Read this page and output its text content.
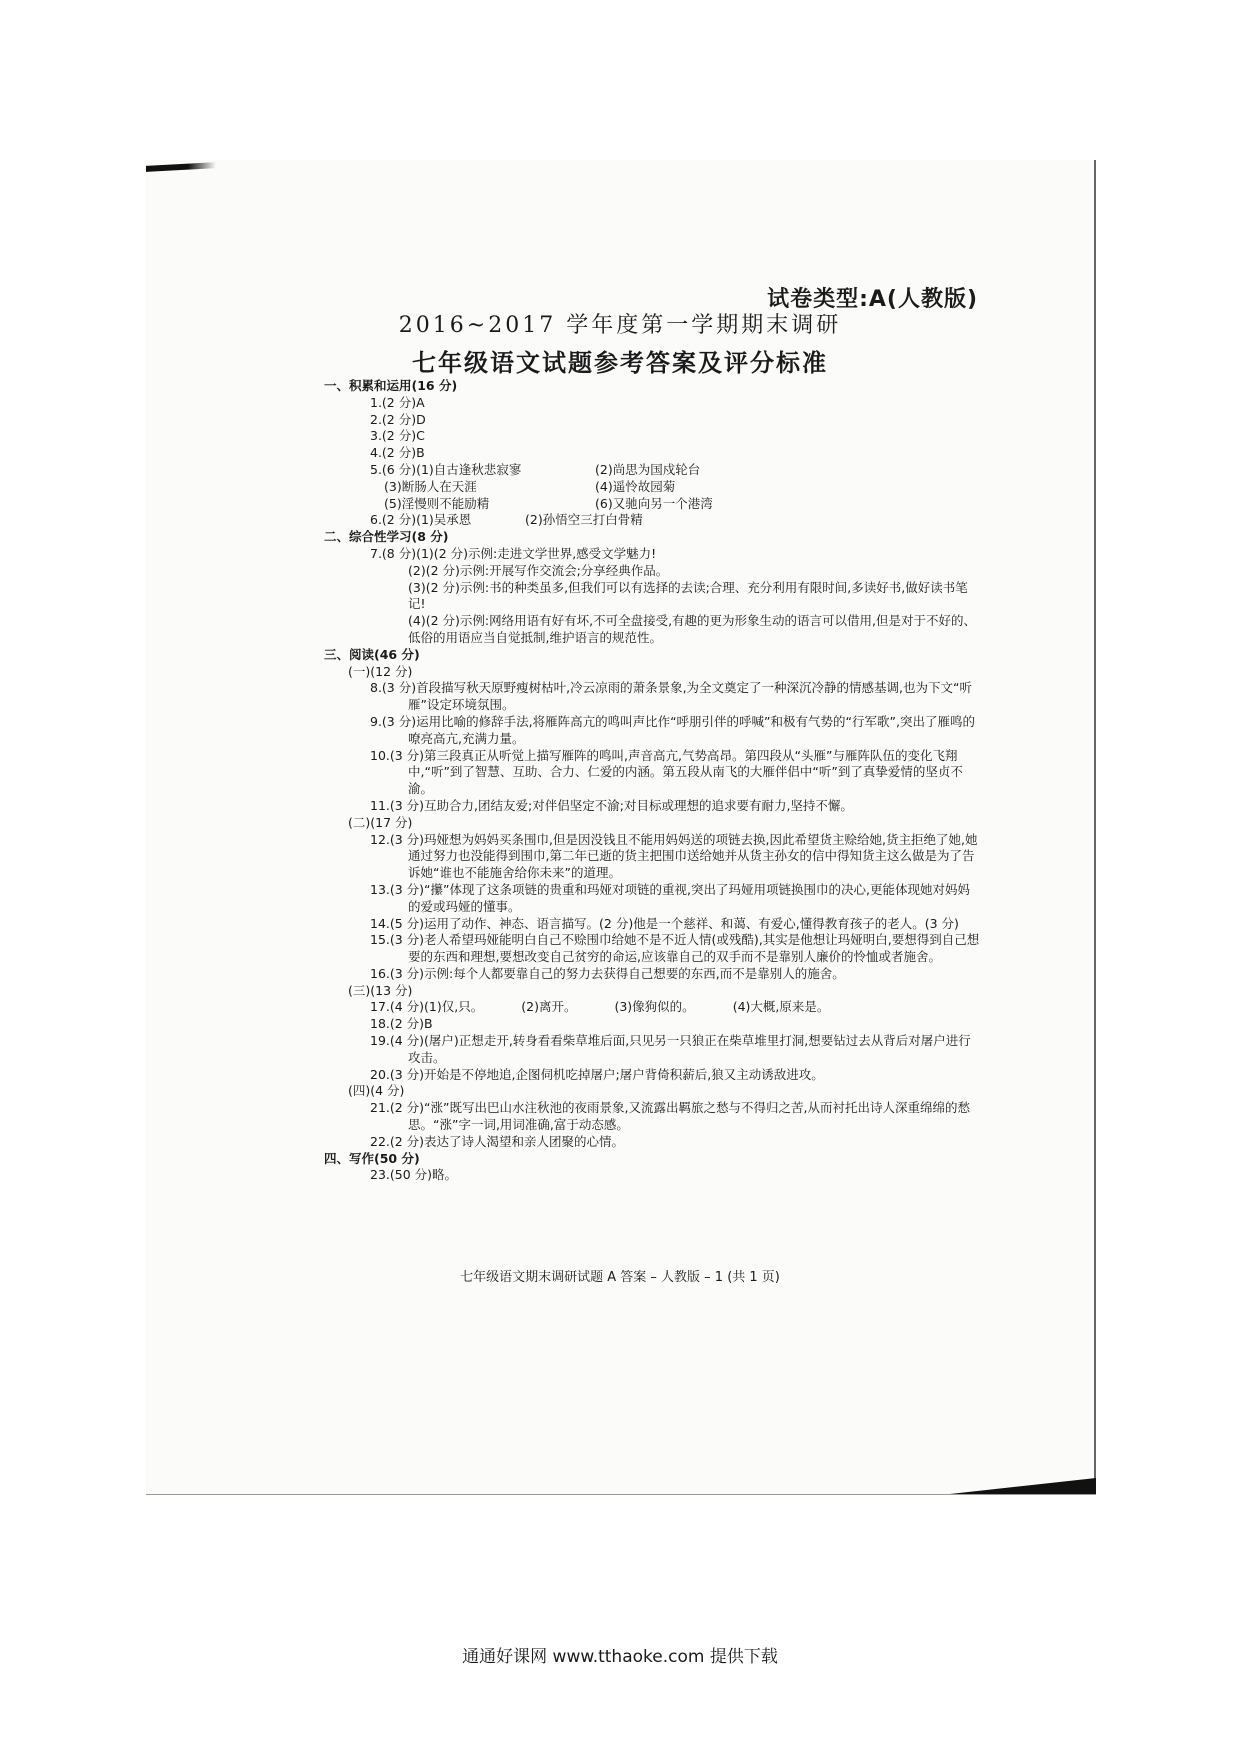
试卷类型:A(人教版)
2016~2017 学年度第一学期期末调研
七年级语文试题参考答案及评分标准
一、积累和运用(16 分)
1.(2 分)A
2.(2 分)D
3.(2 分)C
4.(2 分)B
5.(6 分)(1)自古逢秋悲寂寥	(2)尚思为国戍轮台
(3)断肠人在天涯	(4)遥怜故园菊
(5)淫慢则不能励精	(6)又驰向另一个港湾
6.(2 分)(1)吴承恩	(2)孙悟空三打白骨精
二、综合性学习(8 分)
7.(8 分)(1)(2 分)示例:走进文学世界,感受文学魅力!
(2)(2 分)示例:开展写作交流会;分享经典作品。
(3)(2 分)示例:书的种类虽多,但我们可以有选择的去读;合理、充分利用有限时间,多读好书,做好读书笔记!
(4)(2 分)示例:网络用语有好有坏,不可全盘接受,有趣的更为形象生动的语言可以借用,但是对于不好的、低俗的用语应当自觉抵制,维护语言的规范性。
三、阅读(46 分)
(一)(12 分)
8.(3 分)首段描写秋天原野瘦树枯叶,冷云凉雨的萧条景象,为全文奠定了一种深沉冷静的情感基调,也为下文“听雁”设定环境氛围。
9.(3 分)运用比喻的修辞手法,将雁阵高亢的鸣叫声比作“呼朋引伴的呼喊”和极有气势的“行军歌”,突出了雁鸣的嘹亮高亢,充满力量。
10.(3 分)第三段真正从听觉上描写雁阵的鸣叫,声音高亢,气势高昂。第四段从“头雁”与雁阵队伍的变化飞翔中,“听”到了智慧、互助、合力、仁爱的内涵。第五段从南飞的大雁伴侣中“听”到了真挚爱情的坚贞不渝。
11.(3 分)互助合力,团结友爱;对伴侣坚定不渝;对目标或理想的追求要有耐力,坚持不懈。
(二)(17 分)
12.(3 分)玛娅想为妈妈买条围巾,但是因没钱且不能用妈妈送的项链去换,因此希望货主赊给她,货主拒绝了她,她通过努力也没能得到围巾,第二年已逝的货主把围巾送给她并从货主孙女的信中得知货主这么做是为了告诉她“谁也不能施舍给你未来”的道理。
13.(3 分)“攥”体现了这条项链的贵重和玛娅对项链的重视,突出了玛娅用项链换围巾的决心,更能体现她对妈妈的爱或玛娅的懂事。
14.(5 分)运用了动作、神态、语言描写。(2 分)他是一个慈祥、和蔼、有爱心,懂得教育孩子的老人。(3 分)
15.(3 分)老人希望玛娅能明白自己不赊围巾给她不是不近人情(或残酷),其实是他想让玛娅明白,要想得到自己想要的东西和理想,要想改变自己贫穷的命运,应该靠自己的双手而不是靠别人廉价的怜恤或者施舍。
16.(3 分)示例:每个人都要靠自己的努力去获得自己想要的东西,而不是靠别人的施舍。
(三)(13 分)
17.(4 分)(1)仅,只。	(2)离开。	(3)像狗似的。	(4)大概,原来是。
18.(2 分)B
19.(4 分)(屠户)正想走开,转身看看柴草堆后面,只见另一只狼正在柴草堆里打洞,想要钻过去从背后对屠户进行攻击。
20.(3 分)开始是不停地追,企图伺机吃掉屠户;屠户背倚积薪后,狼又主动诱敌进攻。
(四)(4 分)
21.(2 分)“涨”既写出巴山水注秋池的夜雨景象,又流露出羁旅之愁与不得归之苦,从而衬托出诗人深重绵绵的愁思。“涨”字一词,用词准确,富于动态感。
22.(2 分)表达了诗人渴望和亲人团聚的心情。
四、写作(50 分)
23.(50 分)略。
七年级语文期末调研试题 A 答案 – 人教版 – 1 (共 1 页)
通通好课网 www.tthaoke.com 提供下载
